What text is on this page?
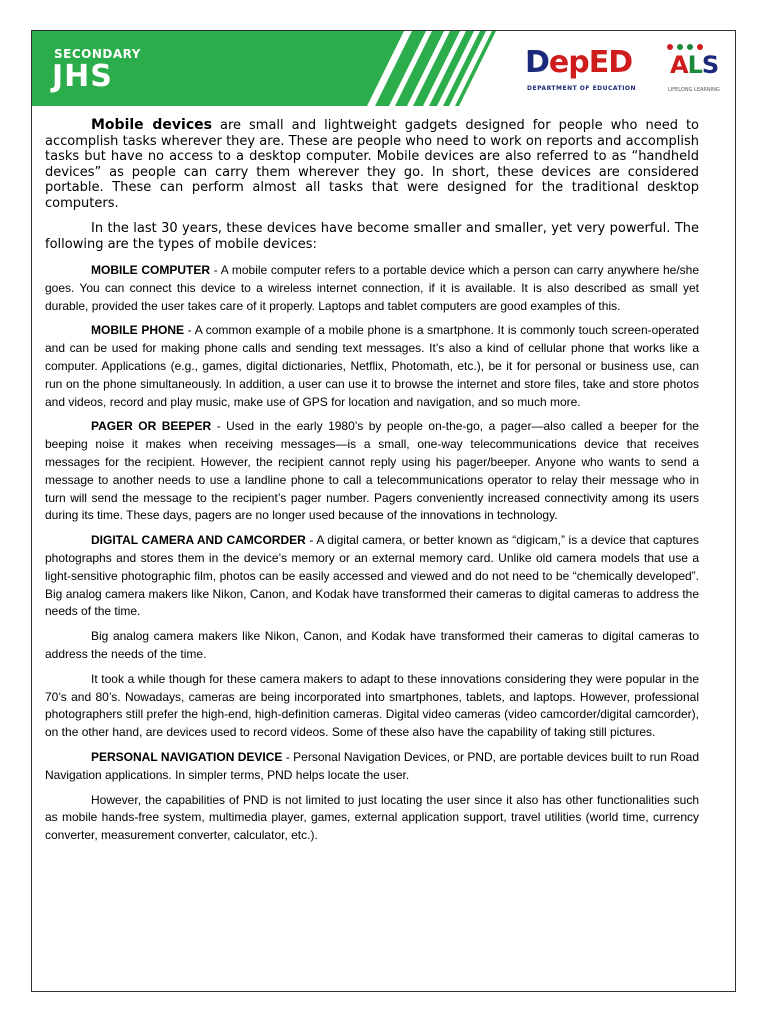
SECONDARY
JHS	DepED
DEPARTMENT OF EDUCATION
ALS
LIFELONG LEARNING

Mobile devices are small and lightweight gadgets designed for people who need to accomplish tasks wherever they are. These are people who need to work on reports and accomplish tasks but have no access to a desktop computer. Mobile devices are also referred to as “handheld devices” as people can carry them wherever they go. In short, these devices are considered portable. These can perform almost all tasks that were designed for the traditional desktop computers.

In the last 30 years, these devices have become smaller and smaller, yet very powerful. The following are the types of mobile devices:

MOBILE COMPUTER - A mobile computer refers to a portable device which a person can carry anywhere he/she goes. You can connect this device to a wireless internet connection, if it is available. It is also described as small yet durable, provided the user takes care of it properly. Laptops and tablet computers are good examples of this.

MOBILE PHONE - A common example of a mobile phone is a smartphone. It is commonly touch screen-operated and can be used for making phone calls and sending text messages. It’s also a kind of cellular phone that works like a computer. Applications (e.g., games, digital dictionaries, Netflix, Photomath, etc.), be it for personal or business use, can run on the phone simultaneously. In addition, a user can use it to browse the internet and store files, take and store photos and videos, record and play music, make use of GPS for location and navigation, and so much more.

PAGER OR BEEPER - Used in the early 1980’s by people on-the-go, a pager—also called a beeper for the beeping noise it makes when receiving messages—is a small, one-way telecommunications device that receives messages for the recipient. However, the recipient cannot reply using his pager/beeper. Anyone who wants to send a message to another needs to use a landline phone to call a telecommunications operator to relay their message who in turn will send the message to the recipient’s pager number. Pagers conveniently increased connectivity among its users during its time. These days, pagers are no longer used because of the innovations in technology.

DIGITAL CAMERA AND CAMCORDER - A digital camera, or better known as “digicam,” is a device that captures photographs and stores them in the device’s memory or an external memory card. Unlike old camera models that use a light-sensitive photographic film, photos can be easily accessed and viewed and do not need to be “chemically developed”. Big analog camera makers like Nikon, Canon, and Kodak have transformed their cameras to digital cameras to address the needs of the time.

Big analog camera makers like Nikon, Canon, and Kodak have transformed their cameras to digital cameras to address the needs of the time.

It took a while though for these camera makers to adapt to these innovations considering they were popular in the 70’s and 80’s. Nowadays, cameras are being incorporated into smartphones, tablets, and laptops. However, professional photographers still prefer the high-end, high-definition cameras. Digital video cameras (video camcorder/digital camcorder), on the other hand, are devices used to record videos. Some of these also have the capability of taking still pictures.

PERSONAL NAVIGATION DEVICE - Personal Navigation Devices, or PND, are portable devices built to run Road Navigation applications. In simpler terms, PND helps locate the user.

However, the capabilities of PND is not limited to just locating the user since it also has other functionalities such as mobile hands-free system, multimedia player, games, external application support, travel utilities (world time, currency converter, measurement converter, calculator, etc.).
